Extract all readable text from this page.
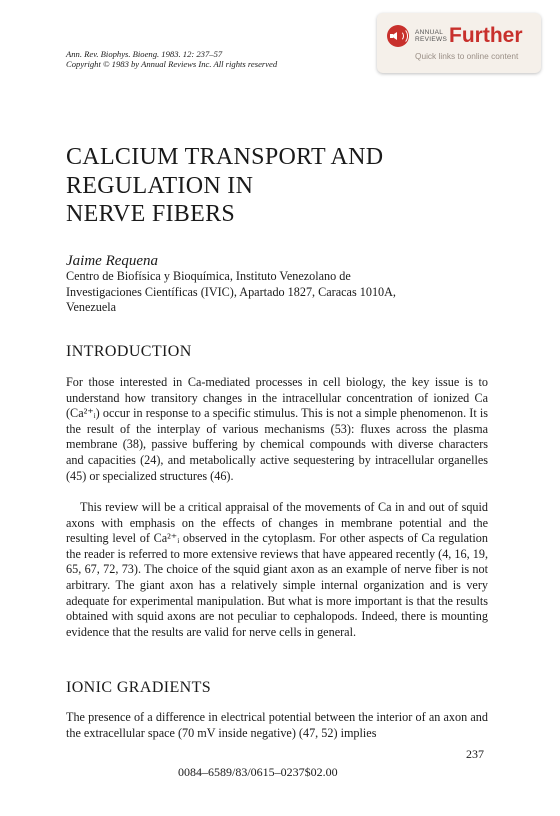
Ann. Rev. Biophys. Bioeng. 1983. 12: 237–57
Copyright © 1983 by Annual Reviews Inc. All rights reserved
ANNUAL
REVIEWS Further
Quick links to online content
CALCIUM TRANSPORT AND
REGULATION IN
NERVE FIBERS
Jaime Requena
Centro de Biofísica y Bioquímica, Instituto Venezolano de
Investigaciones Científicas (IVIC), Apartado 1827, Caracas 1010A,
Venezuela
INTRODUCTION
For those interested in Ca-mediated processes in cell biology, the key issue is to understand how transitory changes in the intracellular concentration of ionized Ca (Ca²⁺ᵢ) occur in response to a specific stimulus. This is not a simple phenomenon. It is the result of the interplay of various mechanisms (53): fluxes across the plasma membrane (38), passive buffering by chemical compounds with diverse characters and capacities (24), and metabolically active sequestering by intracellular organelles (45) or specialized structures (46).
This review will be a critical appraisal of the movements of Ca in and out of squid axons with emphasis on the effects of changes in membrane potential and the resulting level of Ca²⁺ᵢ observed in the cytoplasm. For other aspects of Ca regulation the reader is referred to more extensive reviews that have appeared recently (4, 16, 19, 65, 67, 72, 73). The choice of the squid giant axon as an example of nerve fiber is not arbitrary. The giant axon has a relatively simple internal organization and is very adequate for experimental manipulation. But what is more important is that the results obtained with squid axons are not peculiar to cephalopods. Indeed, there is mounting evidence that the results are valid for nerve cells in general.
IONIC GRADIENTS
The presence of a difference in electrical potential between the interior of an axon and the extracellular space (70 mV inside negative) (47, 52) implies
237
0084–6589/83/0615–0237$02.00
